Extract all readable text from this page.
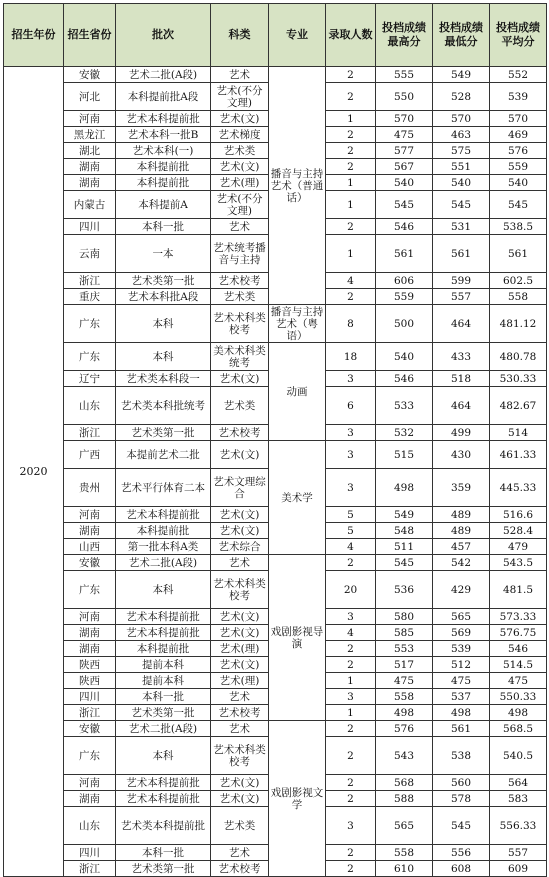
招生年份	招生省份	批次	科类	专业	录取人数	投档成绩最高分	投档成绩最低分	投档成绩平均分
2020	安徽	艺术二批(A段)	艺术	播音与主持艺术（普通话）	2	555	549	552
	河北	本科提前批A段	艺术(不分文理)		2	550	528	539
	河南	艺术本科提前批	艺术(文)		1	570	570	570
	黑龙江	艺术本科一批B	艺术梯度		2	475	463	469
	湖北	艺术本科(一)	艺术类		2	577	575	576
	湖南	本科提前批	艺术(文)		2	567	551	559
	湖南	本科提前批	艺术(理)		1	540	540	540
	内蒙古	本科提前A	艺术(不分文理)		1	545	545	545
	四川	本科一批	艺术		2	546	531	538.5
	云南	一本	艺术统考播音与主持		1	561	561	561
	浙江	艺术类第一批	艺术校考		4	606	599	602.5
	重庆	艺术本科批A段	艺术类		2	559	557	558
	广东	本科	艺术术科类校考	播音与主持艺术（粤语）	8	500	464	481.12
	广东	本科	美术术科类统考	动画	18	540	433	480.78
	辽宁	艺术类本科段一	艺术(文)		3	546	518	530.33
	山东	艺术类本科批统考	艺术类		6	533	464	482.67
	浙江	艺术类第一批	艺术校考		3	532	499	514
	广西	本提前艺术二批	艺术(文)	美术学	3	515	430	461.33
	贵州	艺术平行体育二本	艺术文理综合		3	498	359	445.33
	河南	艺术本科提前批	艺术(文)		5	549	489	516.6
	湖南	本科提前批	艺术(文)		5	548	489	528.4
	山西	第一批本科A类	艺术综合		4	511	457	479
	安徽	艺术二批(A段)	艺术	戏剧影视导演	2	545	542	543.5
	广东	本科	艺术术科类校考		20	536	429	481.5
	河南	艺术本科提前批	艺术(文)		3	580	565	573.33
	湖南	艺术本科提前批	艺术(文)		4	585	569	576.75
	湖南	本科提前批	艺术(理)		2	553	539	546
	陕西	提前本科	艺术(文)		2	517	512	514.5
	陕西	提前本科	艺术(理)		1	475	475	475
	四川	本科一批	艺术		3	558	537	550.33
	浙江	艺术类第一批	艺术校考		1	498	498	498
	安徽	艺术二批(A段)	艺术	戏剧影视文学	2	576	561	568.5
	广东	本科	艺术术科类校考		2	543	538	540.5
	河南	艺术本科提前批	艺术(文)		2	568	560	564
	湖南	艺术本科提前批	艺术(文)		2	588	578	583
	山东	艺术类本科提前批	艺术类		3	565	545	556.33
	四川	本科一批	艺术		2	558	556	557
	浙江	艺术类第一批	艺术校考		2	610	608	609
